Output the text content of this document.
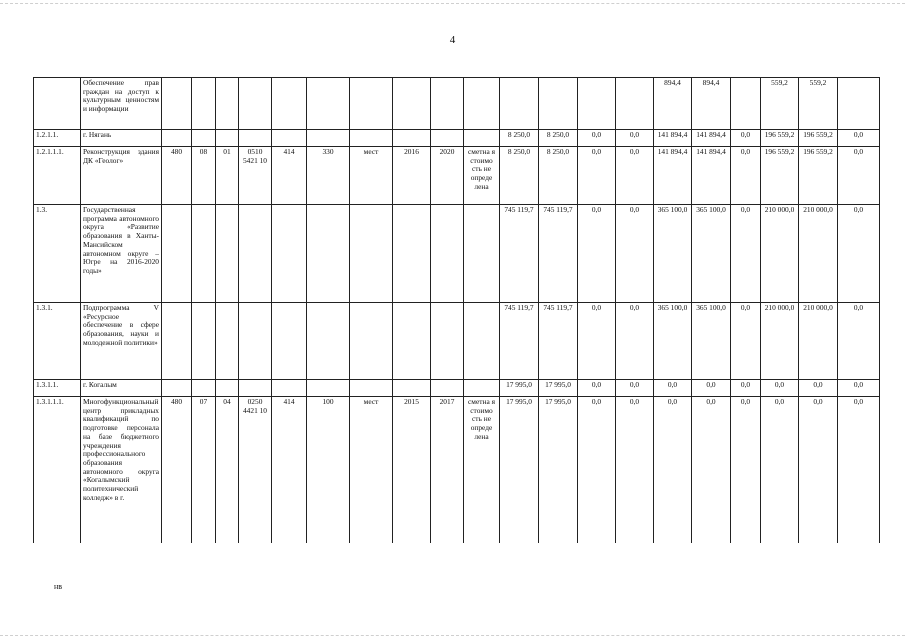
4
	Обеспечение прав граждан на доступ к культурным ценностям и информации															894,4	894,4		559,2	559,2	
1.2.1.1.	г. Нягань											8 250,0	8 250,0	0,0	0,0	141 894,4	141 894,4	0,0	196 559,2	196 559,2	0,0
1.2.1.1.1.	Реконструкция здания ДК «Геолог»	480	08	01	0510 5421 10	414	330	мест	2016	2020	сметна я стоимо сть не опреде лена	8 250,0	8 250,0	0,0	0,0	141 894,4	141 894,4	0,0	196 559,2	196 559,2	0,0
1.3.	Государственная программа автономного округа «Развитие образования в Ханты-Мансийском автономном округе – Югре на 2016-2020 годы»											745 119,7	745 119,7	0,0	0,0	365 100,0	365 100,0	0,0	210 000,0	210 000,0	0,0
1.3.1.	Подпрограмма V «Ресурсное обеспечение в сфере образования, науки и молодежной политики»											745 119,7	745 119,7	0,0	0,0	365 100,0	365 100,0	0,0	210 000,0	210 000,0	0,0
1.3.1.1.	г. Когалым											17 995,0	17 995,0	0,0	0,0	0,0	0,0	0,0	0,0	0,0	0,0
1.3.1.1.1.	Многофункциональный центр прикладных квалификаций по подготовке персонала на базе бюджетного учреждения профессионального образования автономного округа «Когалымский политехнический колледж» в г.	480	07	04	0250 4421 10	414	100	мест	2015	2017	сметна я стоимо сть не опреде лена	17 995,0	17 995,0	0,0	0,0	0,0	0,0	0,0	0,0	0,0	0,0
нв
